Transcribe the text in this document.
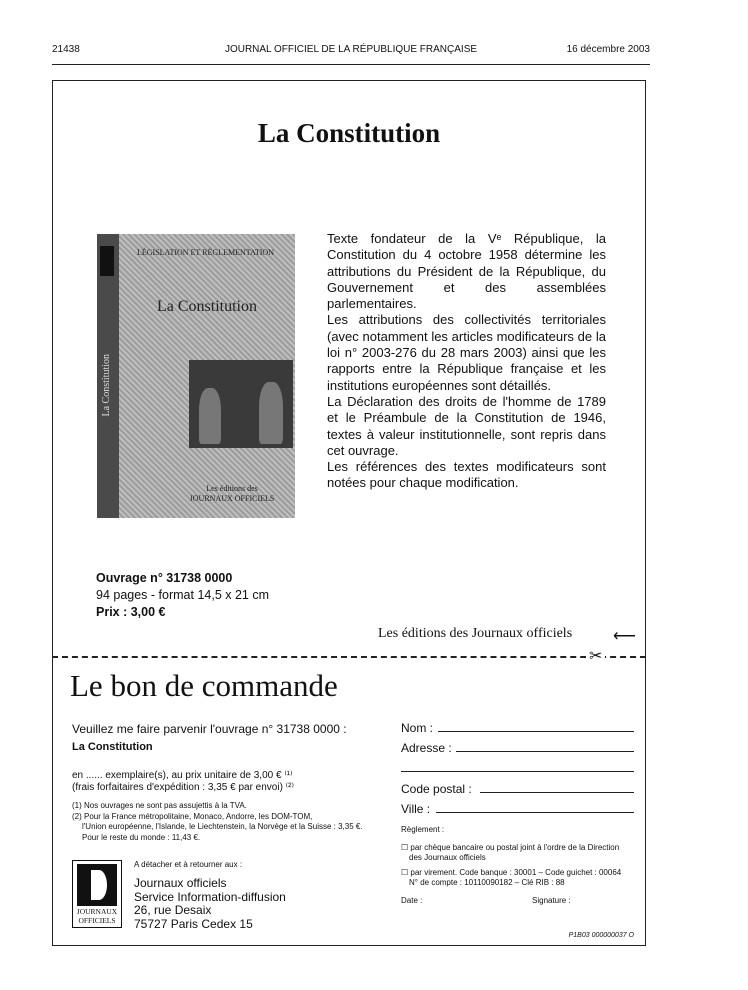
21438	JOURNAL OFFICIEL DE LA RÉPUBLIQUE FRANÇAISE	16 décembre 2003
La Constitution
La Constitution
LÉGISLATION ET RÉGLEMENTATION
La Constitution
Les éditions des
JOURNAUX OFFICIELS

Texte fondateur de la Vᵉ République, la Constitution du 4 octobre 1958 détermine les attributions du Président de la République, du Gouvernement et des assemblées parlementaires.

Les attributions des collectivités territoriales (avec notamment les articles modificateurs de la loi n° 2003-276 du 28 mars 2003) ainsi que les rapports entre la République française et les institutions européennes sont détaillés.

La Déclaration des droits de l'homme de 1789 et le Préambule de la Constitution de 1946, textes à valeur institutionnelle, sont repris dans cet ouvrage.

Les références des textes modificateurs sont notées pour chaque modification.

Ouvrage n° 31738 0000
94 pages - format 14,5 x 21 cm
Prix : 3,00 €
Les éditions des Journaux officiels	⟵
✂
Le bon de commande
Veuillez me faire parvenir l'ouvrage n° 31738 0000 :
La Constitution
en ...... exemplaire(s), au prix unitaire de 3,00 € ⁽¹⁾
(frais forfaitaires d'expédition : 3,35 € par envoi) ⁽²⁾
(1) Nos ouvrages ne sont pas assujettis à la TVA.
(2) Pour la France métropolitaine, Monaco, Andorre, les DOM-TOM,
l'Union européenne, l'Islande, le Liechtenstein, la Norvège et la Suisse : 3,35 €.
Pour le reste du monde : 11,43 €.
A détacher et à retourner aux :
JOURNAUX
OFFICIELS
Journaux officiels
Service Information-diffusion
26, rue Desaix
75727 Paris Cedex 15
Nom :
Adresse :
Code postal :
Ville :
Règlement :
☐ par chèque bancaire ou postal joint à l'ordre de la Direction
des Journaux officiels
☐ par virement. Code banque : 30001 – Code guichet : 00064
N° de compte : 10110090182 – Clé RIB : 88
Date :	Signature :
P1B03 000000037 O
